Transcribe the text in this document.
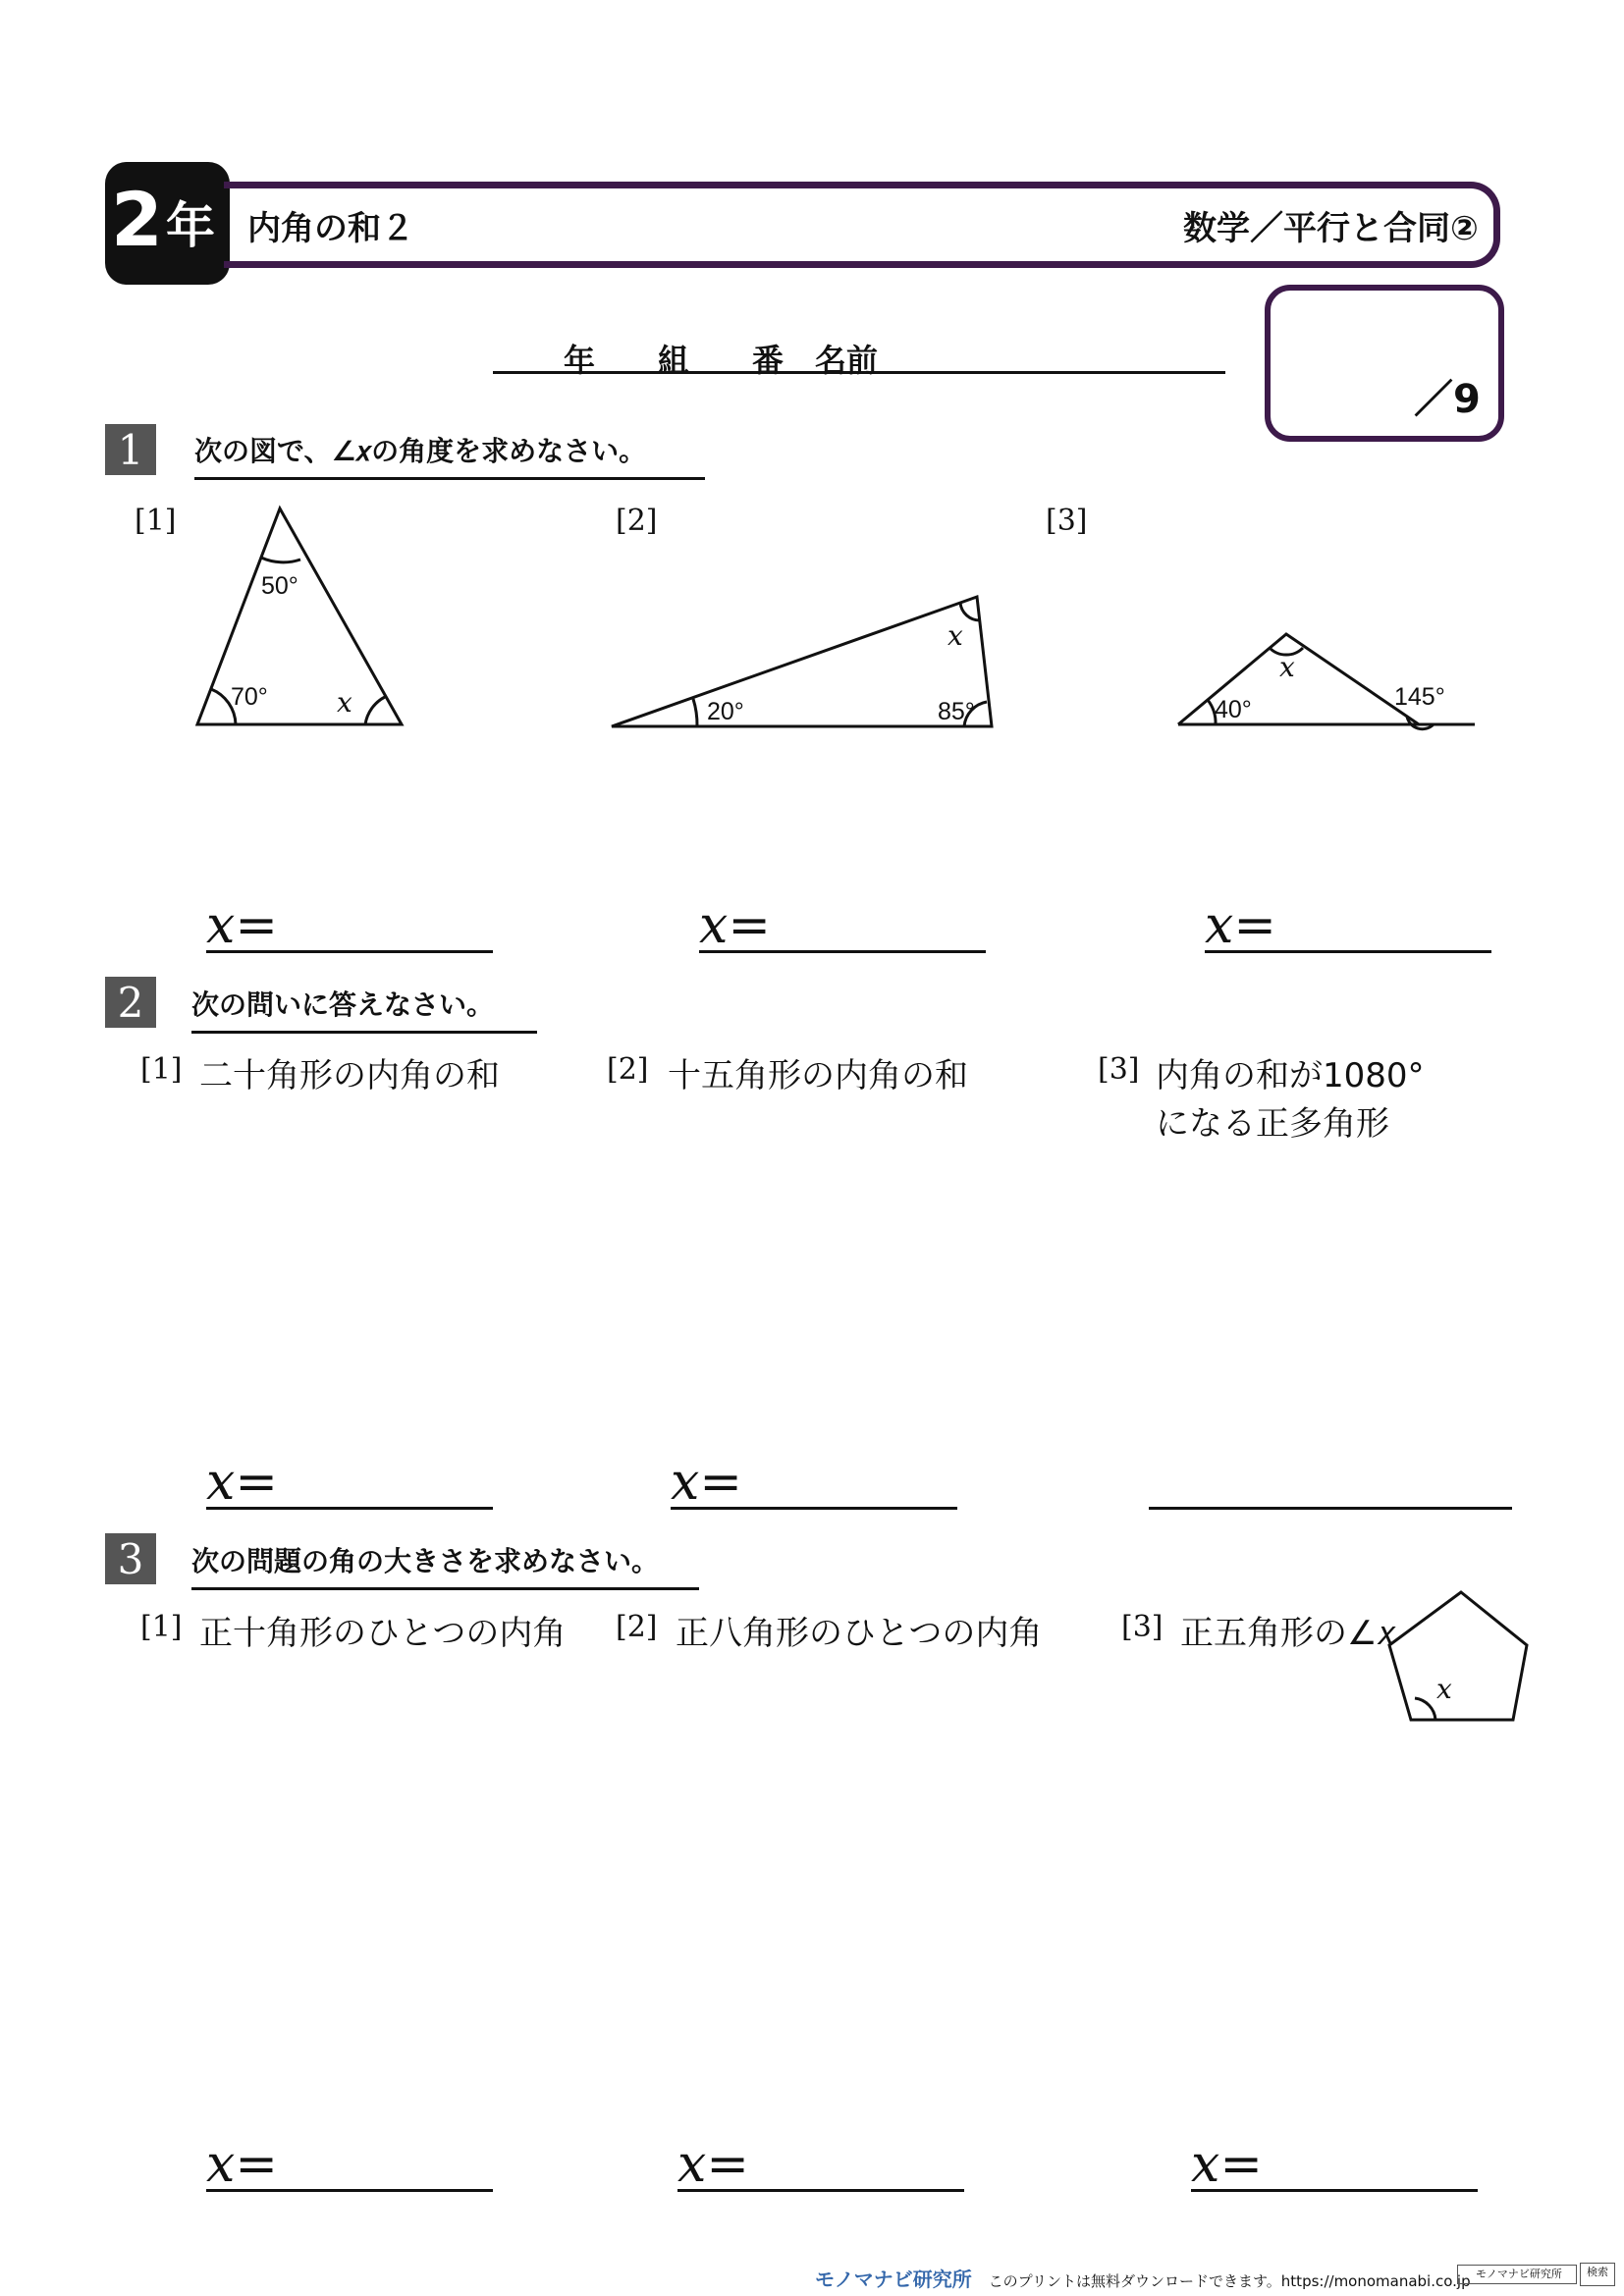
2 年 内角の和２	数学／平行と合同②
年　　組　　番　名前
／9
1	次の図で、∠𝑥の角度を求めなさい。
[1]	[2]	[3]
50°
70°
20°	85°	40°	145°
x
x
x
x
x=	x=	x=
2	次の問いに答えなさい。
[1] 二十角形の内角の和	[2] 十五角形の内角の和	[3] 内角の和が1080°
になる正多角形
x=	x=
3	次の問題の角の大きさを求めなさい。
[1] 正十角形のひとつの内角 [2] 正八角形のひとつの内角	[3] 正五角形の∠𝑥
x=	x=	x=
モノマナビ研究所 このプリントは無料ダウンロードできます。https://monomanabi.co.jp モノマナビ研究所	検索
